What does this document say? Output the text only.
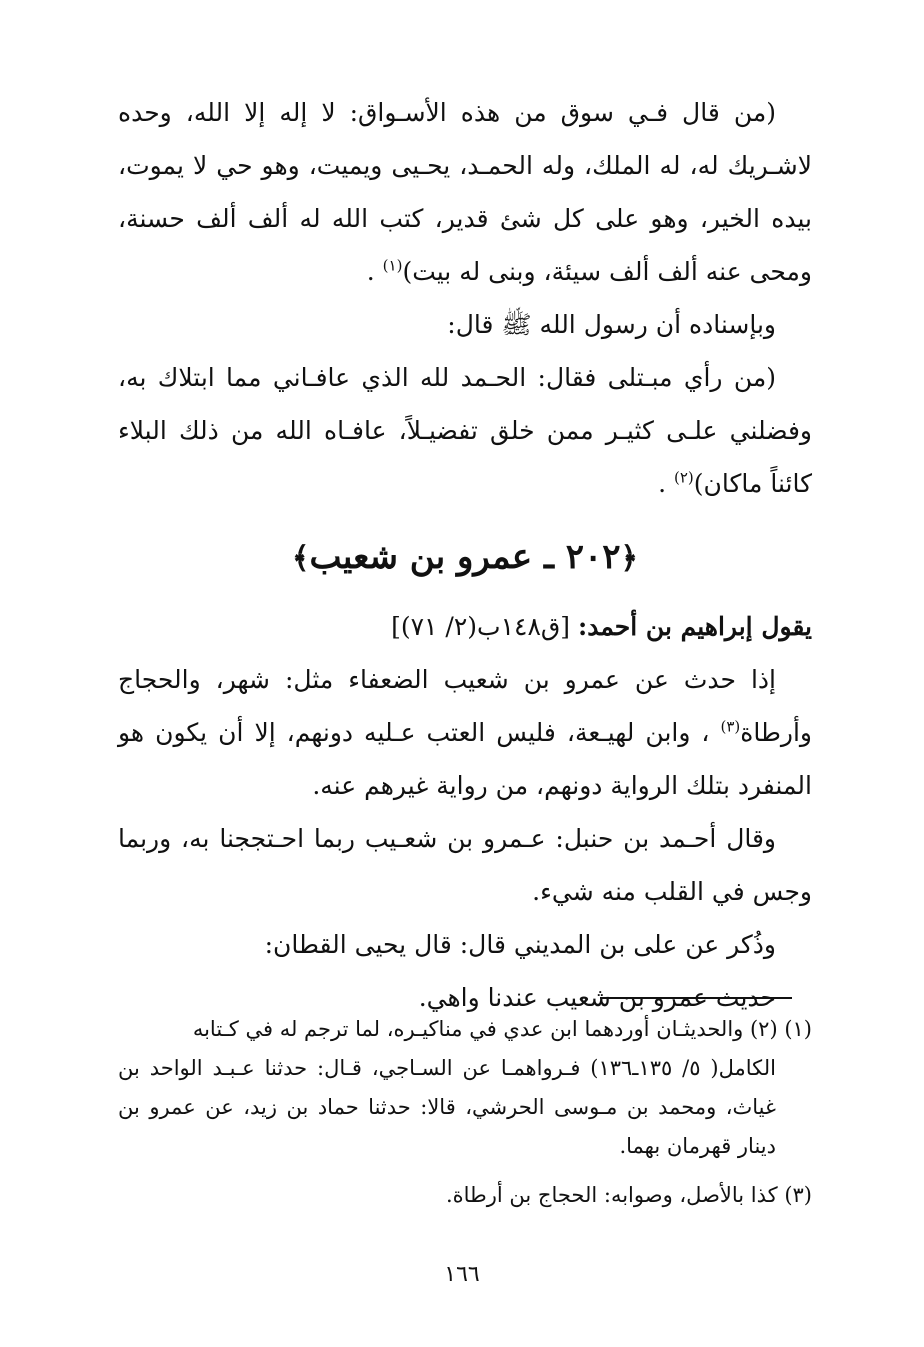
(من قال فـي سوق من هذه الأسـواق: لا إله إلا الله، وحده لاشـريك له، له الملك، وله الحمـد، يحـيى ويميت، وهو حي لا يموت، بيده الخير، وهو على كل شئ قدير، كتب الله له ألف ألف حسنة، ومحى عنه ألف ألف سيئة، وبنى له بيت)$^{(١)}$ .

وبإسناده أن رسول الله ﷺ قال:

(من رأي مبـتلى فقال: الحـمد لله الذي عافـاني مما ابتلاك به، وفضلني علـى كثيـر ممن خلق تفضيـلاً، عافـاه الله من ذلك البلاء كائناً ماكان)$^{(٢)}$ .

﴿٢٠٢ ـ عمرو بن شعيب﴾

يقول إبراهيم بن أحمد: [ق١٤٨ب(٢/ ٧١)]

إذا حدث عن عمرو بن شعيب الضعفاء مثل: شهر، والحجاج وأرطاة$^{(٣)}$ ، وابن لهيـعة، فليس العتب عـليه دونهم، إلا أن يكون هو المنفرد بتلك الرواية دونهم، من رواية غيرهم عنه.

وقال أحـمد بن حنبل: عـمرو بن شعـيب ربما احـتججنا به، وربما وجس في القلب منه شيء.

وذُكر عن على بن المديني قال: قال يحيى القطان:

حديث عمرو بن شعيب عندنا واهي.

(١) (٢) والحديثـان أوردهما ابن عدي في مناكيـره، لما ترجم له في كـتابه

الكامل( ٥/ ١٣٥ـ١٣٦) فـرواهمـا عن السـاجي، قـال: حدثنا عـبـد الواحد بن غياث، ومحمد بن مـوسى الحرشي، قالا: حدثنا حماد بن زيد، عن عمرو بن دينار قهرمان بهما.

(٣) كذا بالأصل، وصوابه: الحجاج بن أرطاة.

١٦٦
